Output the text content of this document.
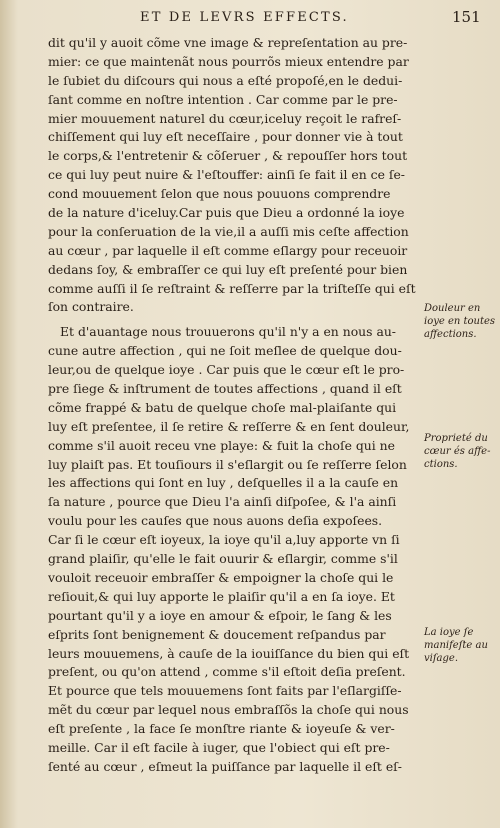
ET DE LEVRS EFFECTS.	151
dit qu'il y auoit cõme vne image & repreſentation au pre-
mier: ce que maintenãt nous pourrõs mieux entendre par
le ſubiet du diſcours qui nous a eſté propoſé,en le dedui-
ſant comme en noſtre intention . Car comme par le pre-
mier mouuement naturel du cœur,iceluy reçoit le rafreſ-
chiſſement qui luy eſt neceſſaire , pour donner vie à tout
le corps,& l'entretenir & cõſeruer , & repouſſer hors tout
ce qui luy peut nuire & l'eſtouffer: ainſi ſe fait il en ce ſe-
cond mouuement ſelon que nous pouuons comprendre
de la nature d'iceluy.Car puis que Dieu a ordonné la ioye
pour la conſeruation de la vie,il a auſſi mis ceſte affection
au cœur , par laquelle il eſt comme eſlargy pour receuoir
dedans ſoy, & embraſſer ce qui luy eſt preſenté pour bien
comme auſſi il ſe reſtraint & reſſerre par la triſteſſe qui eſt
ſon contraire.
Et d'auantage nous trouuerons qu'il n'y a en nous au-
cune autre affection , qui ne ſoit meſlee de quelque dou-
leur,ou de quelque ioye . Car puis que le cœur eſt le pro-
pre ſiege & inſtrument de toutes affections , quand il eſt
cõme frappé & batu de quelque choſe mal-plaiſante qui
luy eſt preſentee, il ſe retire & reſſerre & en ſent douleur,
comme s'il auoit receu vne playe: & fuit la choſe qui ne
luy plaiſt pas. Et touſiours il s'eſlargit ou ſe reſſerre ſelon
les affections qui ſont en luy , deſquelles il a la cauſe en
ſa nature , pource que Dieu l'a ainſi diſpoſee, & l'a ainſi
voulu pour les cauſes que nous auons deſia expoſees.
Car ſi le cœur eſt ioyeux, la ioye qu'il a,luy apporte vn ſi
grand plaiſir, qu'elle le fait ouurir & eſlargir, comme s'il
vouloit receuoir embraſſer & empoigner la choſe qui le
reſiouit,& qui luy apporte le plaiſir qu'il a en ſa ioye. Et
pourtant qu'il y a ioye en amour & eſpoir, le ſang & les
eſprits ſont benignement & doucement reſpandus par
leurs mouuemens, à cauſe de la iouiſſance du bien qui eſt
preſent, ou qu'on attend , comme s'il eſtoit deſia preſent.
Et pource que tels mouuemens ſont faits par l'eſlargiſſe-
mẽt du cœur par lequel nous embraſſõs la choſe qui nous
eſt preſente , la face ſe monſtre riante & ioyeuſe & ver-
meille. Car il eſt facile à iuger, que l'obiect qui eſt pre-
ſenté au cœur , eſmeut la puiſſance par laquelle il eſt eſ-
Douleur en
ioye en toutes
affections.
Proprieté du
cœur és affe-
ctions.
La ioye ſe
manifeſte au
viſage.
